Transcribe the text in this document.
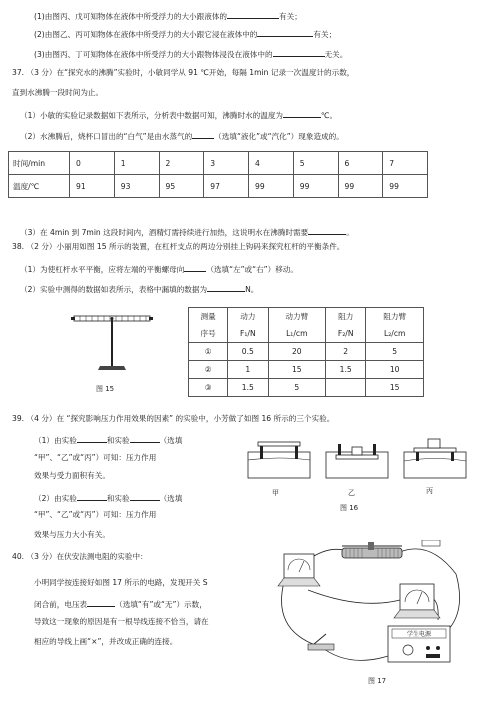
(1)由图丙、戊可知物体在液体中所受浮力的大小跟液体的	有关；
(2)由图乙、丙可知物体在液体中所受浮力的大小跟它浸在液体中的	有关；
(3)由图丙、丁可知物体在液体中所受浮力的大小跟物体浸没在液体中的	无关。
37. （3 分）在“探究水的沸腾”实验时，小敏同学从 91 ℃开始，每隔 1min 记录一次温度计的示数，
直到水沸腾一段时间为止。
（1）小敏的实验记录数据如下表所示，分析表中数据可知，沸腾时水的温度为	℃。
（2）水沸腾后，烧杯口冒出的“白气”是由水蒸气的	（选填“液化”或“汽化”）现象造成的。
时间/min	0	1	2	3	4	5	6	7
温度/℃	91	93	95	97	99	99	99	99
（3）在 4min 到 7min 这段时间内，酒精灯需持续进行加热，这说明水在沸腾时需要	。
38. （2 分）小丽用如图 15 所示的装置，在杠杆支点的两边分别挂上钩码来探究杠杆的平衡条件。
（1）为使杠杆水平平衡，应将左端的平衡螺母向	（选填“左”或“右”）移动。
（2）实验中测得的数据如表所示，表格中漏填的数据为	N。
图 15
测量	动力	动力臂	阻力	阻力臂
序号	F₁/N	L₁/cm	F₂/N	L₂/cm
①	0.5	20	2	5
②	1	15	1.5	10
③	1.5	5		15
39. （4 分）在 “探究影响压力作用效果的因素” 的实验中，小芳做了如图 16 所示的三个实验。
（1）由实验	和实验	（选填
“甲”、“乙”或“丙”）可知：压力作用
效果与受力面积有关。
（2）由实验	和实验	（选填
“甲”、“乙”或“丙”）可知：压力作用
效果与压力大小有关。
甲	乙	丙
图 16
40. （3 分）在伏安法测电阻的实验中：
小明同学按连接好如图 17 所示的电路，发现开关 S
闭合前，电压表	（选填“有”或“无”）示数，
导致这一现象的原因是有一根导线连接不恰当，请在
相应的导线上画“×”，并改成正确的连接。
学生电源
图 17
